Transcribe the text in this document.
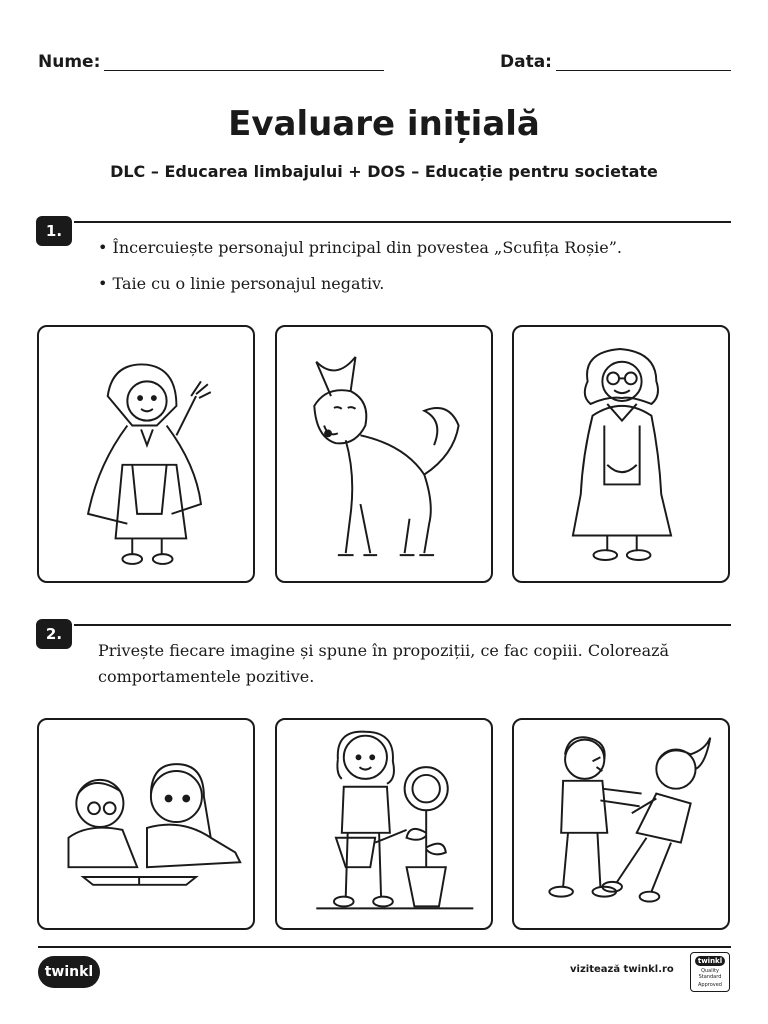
Nume:	Data:
Evaluare inițială
DLC – Educarea limbajului + DOS – Educație pentru societate
1.
• Încercuiește personajul principal din povestea „Scufița Roșie”.
• Taie cu o linie personajul negativ.
2.
Privește fiecare imagine și spune în propoziții, ce fac copiii. Colorează
comportamentele pozitive.
twinkl	vizitează twinkl.ro
twinkl
Quality Standard
Approved
